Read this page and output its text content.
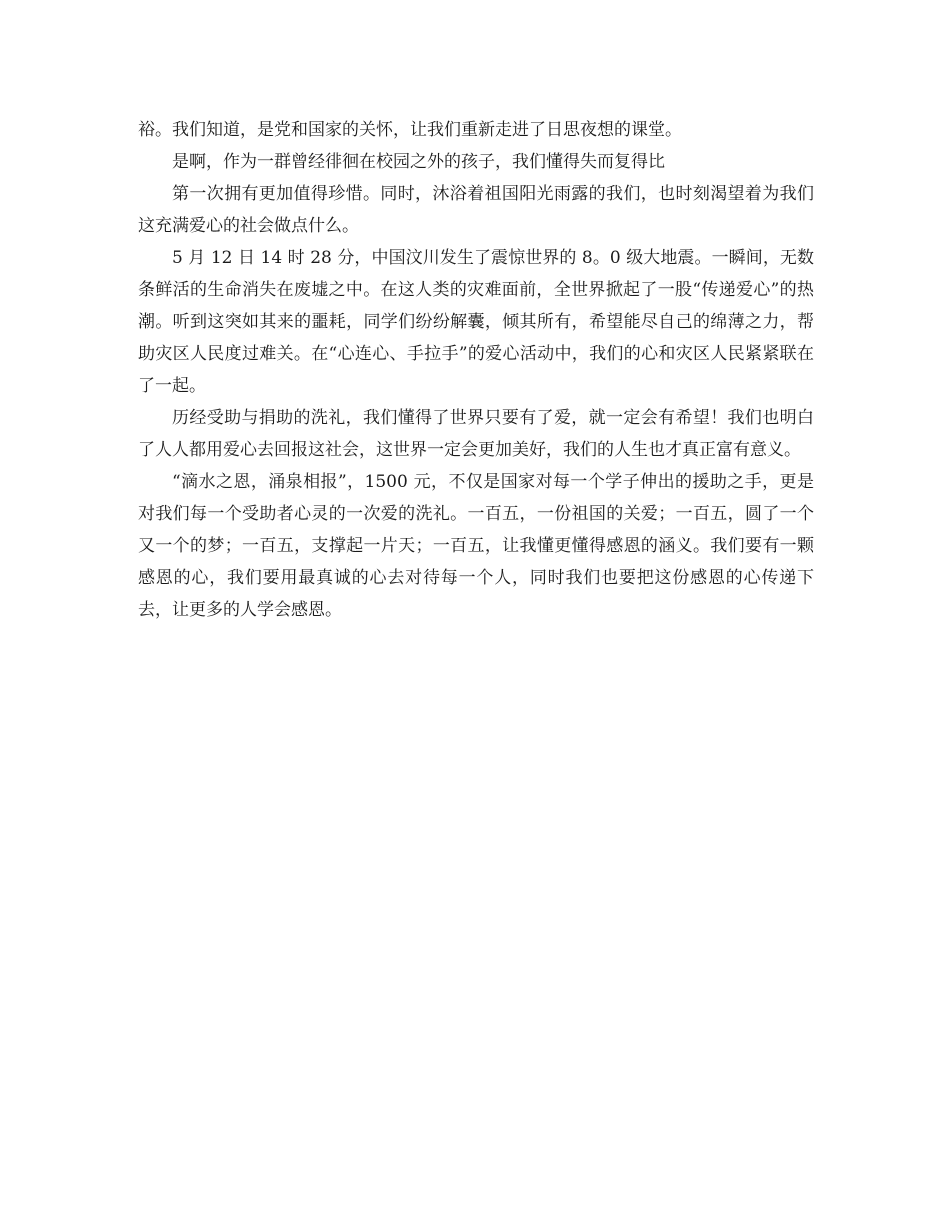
裕。我们知道，是党和国家的关怀，让我们重新走进了日思夜想的课堂。

是啊，作为一群曾经徘徊在校园之外的孩子，我们懂得失而复得比

第一次拥有更加值得珍惜。同时，沐浴着祖国阳光雨露的我们，也时刻渴望着为我们这充满爱心的社会做点什么。

5 月 12 日 14 时 28 分，中国汶川发生了震惊世界的 8。0 级大地震。一瞬间，无数条鲜活的生命消失在废墟之中。在这人类的灾难面前，全世界掀起了一股“传递爱心”的热潮。听到这突如其来的噩耗，同学们纷纷解囊，倾其所有，希望能尽自己的绵薄之力，帮助灾区人民度过难关。在“心连心、手拉手”的爱心活动中，我们的心和灾区人民紧紧联在了一起。

历经受助与捐助的洗礼，我们懂得了世界只要有了爱，就一定会有希望！我们也明白了人人都用爱心去回报这社会，这世界一定会更加美好，我们的人生也才真正富有意义。

“滴水之恩，涌泉相报”，1500 元，不仅是国家对每一个学子伸出的援助之手，更是对我们每一个受助者心灵的一次爱的洗礼。一百五，一份祖国的关爱；一百五，圆了一个又一个的梦；一百五，支撑起一片天；一百五，让我懂更懂得感恩的涵义。我们要有一颗感恩的心，我们要用最真诚的心去对待每一个人，同时我们也要把这份感恩的心传递下去，让更多的人学会感恩。
